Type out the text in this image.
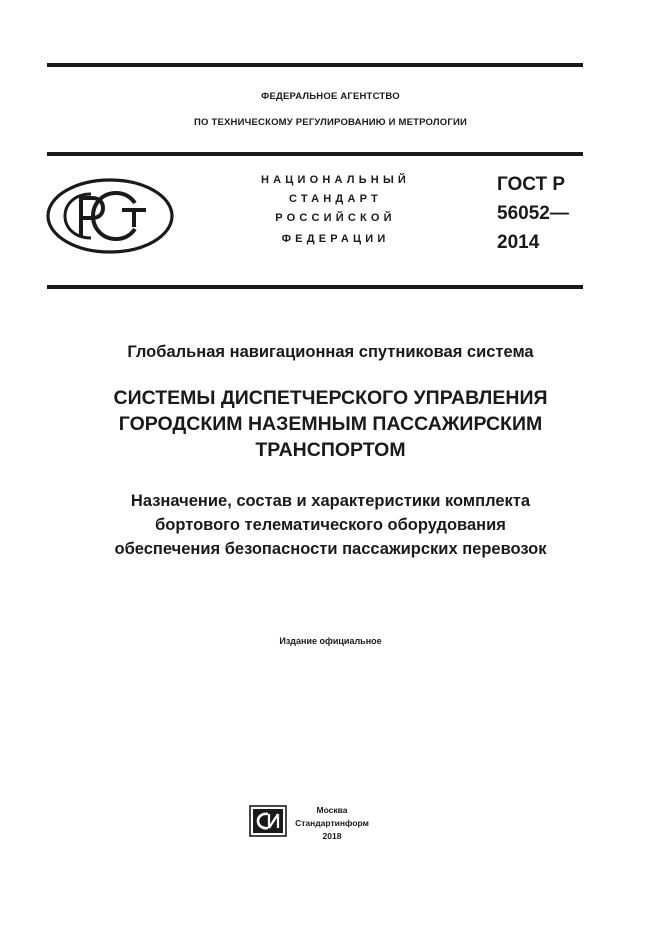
ФЕДЕРАЛЬНОЕ АГЕНТСТВО
ПО ТЕХНИЧЕСКОМУ РЕГУЛИРОВАНИЮ И МЕТРОЛОГИИ
НАЦИОНАЛЬНЫЙ
СТАНДАРТ
РОССИЙСКОЙ
ФЕДЕРАЦИИ
ГОСТ Р
56052—
2014
Глобальная навигационная спутниковая система
СИСТЕМЫ ДИСПЕТЧЕРСКОГО УПРАВЛЕНИЯ
ГОРОДСКИМ НАЗЕМНЫМ ПАССАЖИРСКИМ
ТРАНСПОРТОМ
Назначение, состав и характеристики комплекта
бортового телематического оборудования
обеспечения безопасности пассажирских перевозок
Издание официальное
Москва
Стандартинформ
2018
